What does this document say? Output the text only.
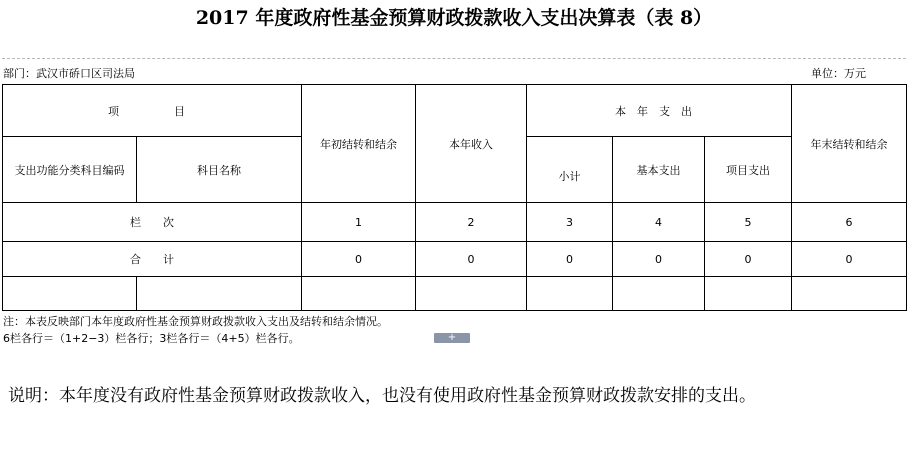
2017 年度政府性基金预算财政拨款收入支出决算表（表 8）
部门：武汉市硚口区司法局	单位：万元
项　　目		年初结转和结余	本年收入	本年支出			年末结转和结余
支出功能分类科目编码	科目名称			小计	基本支出	项目支出	
栏　　次		1	2	3	4	5	6
合　　计		0	0	0	0	0	0

注：本表反映部门本年度政府性基金预算财政拨款收入支出及结转和结余情况。
6栏各行＝（1+2−3）栏各行；3栏各行＝（4+5）栏各行。	+
说明：本年度没有政府性基金预算财政拨款收入，也没有使用政府性基金预算财政拨款安排的支出。
